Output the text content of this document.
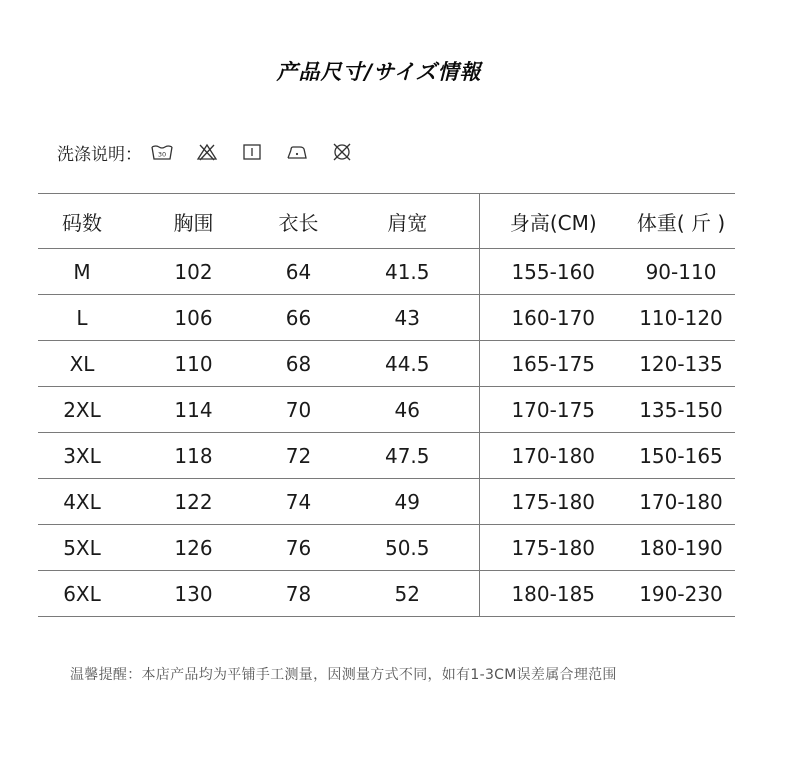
产品尺寸/サイズ情報
洗涤说明： 30
码数	胸围	衣长	肩宽	身高(CM)	体重( 斤 )
M	102	64	41.5	155-160	90-110
L	106	66	43	160-170	110-120
XL	110	68	44.5	165-175	120-135
2XL	114	70	46	170-175	135-150
3XL	118	72	47.5	170-180	150-165
4XL	122	74	49	175-180	170-180
5XL	126	76	50.5	175-180	180-190
6XL	130	78	52	180-185	190-230
温馨提醒：本店产品均为平铺手工测量，因测量方式不同，如有1-3CM误差属合理范围
